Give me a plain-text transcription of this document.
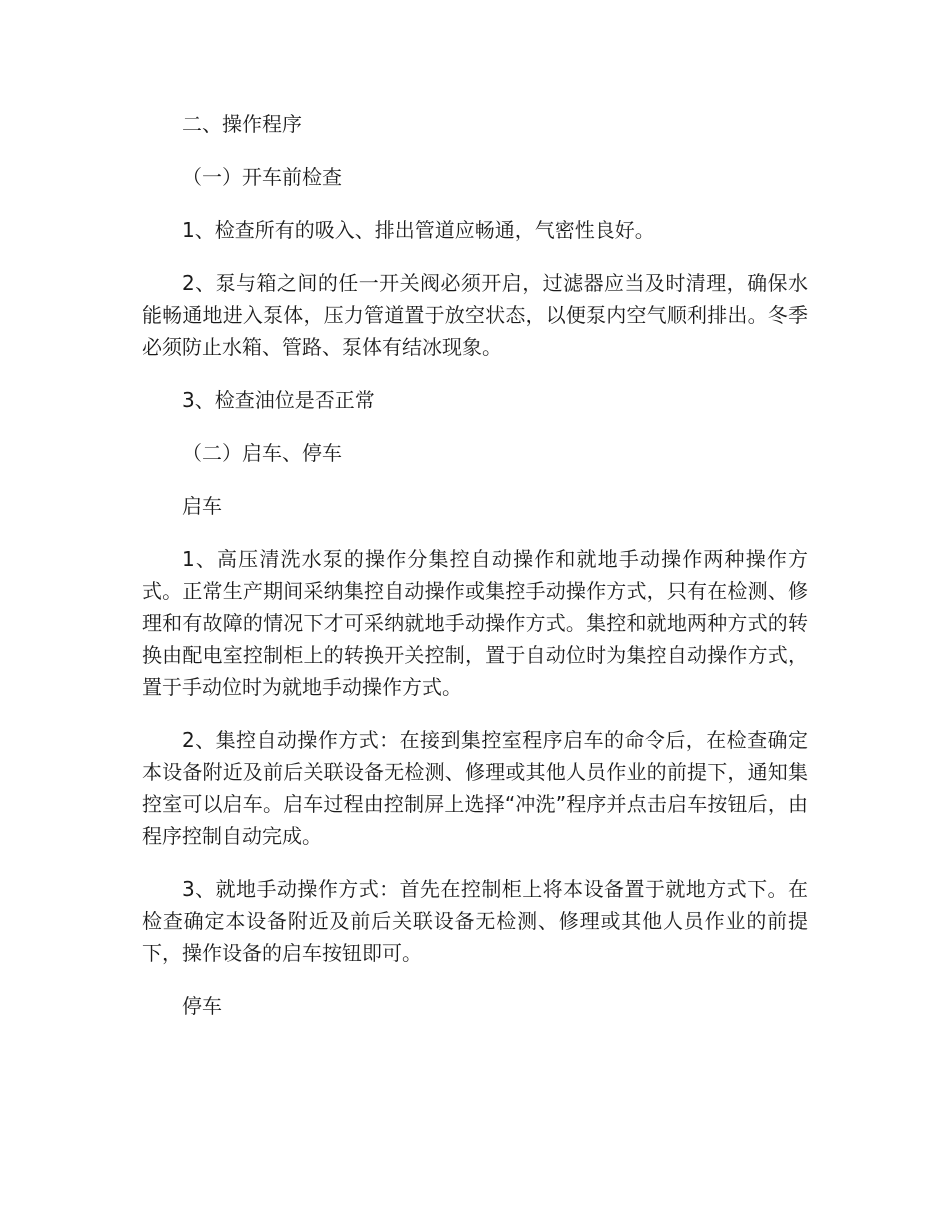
二、操作程序

（一）开车前检查

1、检查所有的吸入、排出管道应畅通，气密性良好。

2、泵与箱之间的任一开关阀必须开启，过滤器应当及时清理，确保水能畅通地进入泵体，压力管道置于放空状态，以便泵内空气顺利排出。冬季必须防止水箱、管路、泵体有结冰现象。

3、检查油位是否正常

（二）启车、停车

启车

1、高压清洗水泵的操作分集控自动操作和就地手动操作两种操作方式。正常生产期间采纳集控自动操作或集控手动操作方式，只有在检测、修理和有故障的情况下才可采纳就地手动操作方式。集控和就地两种方式的转换由配电室控制柜上的转换开关控制，置于自动位时为集控自动操作方式，置于手动位时为就地手动操作方式。

2、集控自动操作方式：在接到集控室程序启车的命令后，在检查确定本设备附近及前后关联设备无检测、修理或其他人员作业的前提下，通知集控室可以启车。启车过程由控制屏上选择“冲洗”程序并点击启车按钮后，由程序控制自动完成。

3、就地手动操作方式：首先在控制柜上将本设备置于就地方式下。在检查确定本设备附近及前后关联设备无检测、修理或其他人员作业的前提下，操作设备的启车按钮即可。

停车
